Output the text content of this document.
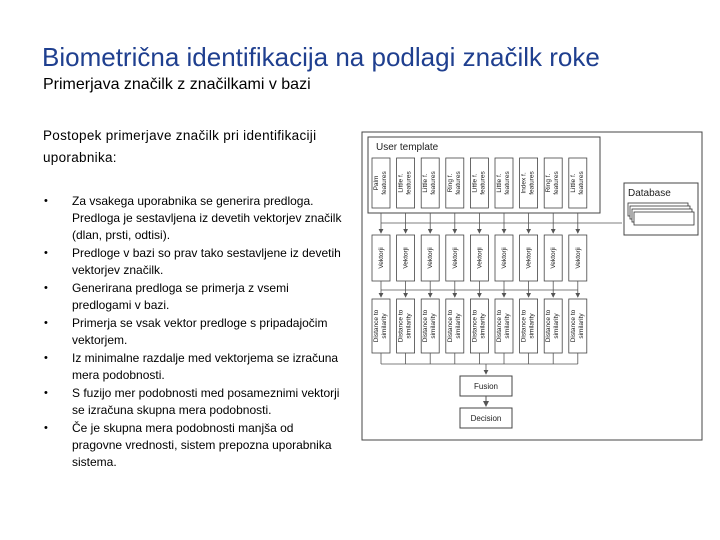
Biometrična identifikacija na podlagi značilk roke
Primerjava značilk z značilkami v bazi
Postopek primerjave značilk pri identifikaciji uporabnika:
• Za vsakega uporabnika se generira predloga. Predloga je sestavljena iz devetih vektorjev značilk (dlan, prsti, odtisi).
• Predloge v bazi so prav tako sestavljene iz devetih vektorjev značilk.
• Generirana predloga se primerja z vsemi predlogami v bazi.
• Primerja se vsak vektor predloge s pripadajočim vektorjem.
• Iz minimalne razdalje med vektorjema se izračuna mera podobnosti.
• S fuzijo mer podobnosti med posameznimi vektorji se izračuna skupna mera podobnosti.
• Če je skupna mera podobnosti manjša od pragovne vrednosti, sistem prepozna uporabnika sistema.
User template
Palm features Little f. features Little f. features Ring f. features Little f. features Little f. features Index f. features Ring f. features Little f. features
Vektorji	Vektorji	Vektorji	Vektorji	Vektorji	Vektorji	Vektorji	Vektorji	Vektorji
Distance to similarity Distance to similarity Distance to similarity Distance to similarity Distance to similarity Distance to similarity Distance to similarity Distance to similarity Distance to similarity
Database
Fusion
Decision
